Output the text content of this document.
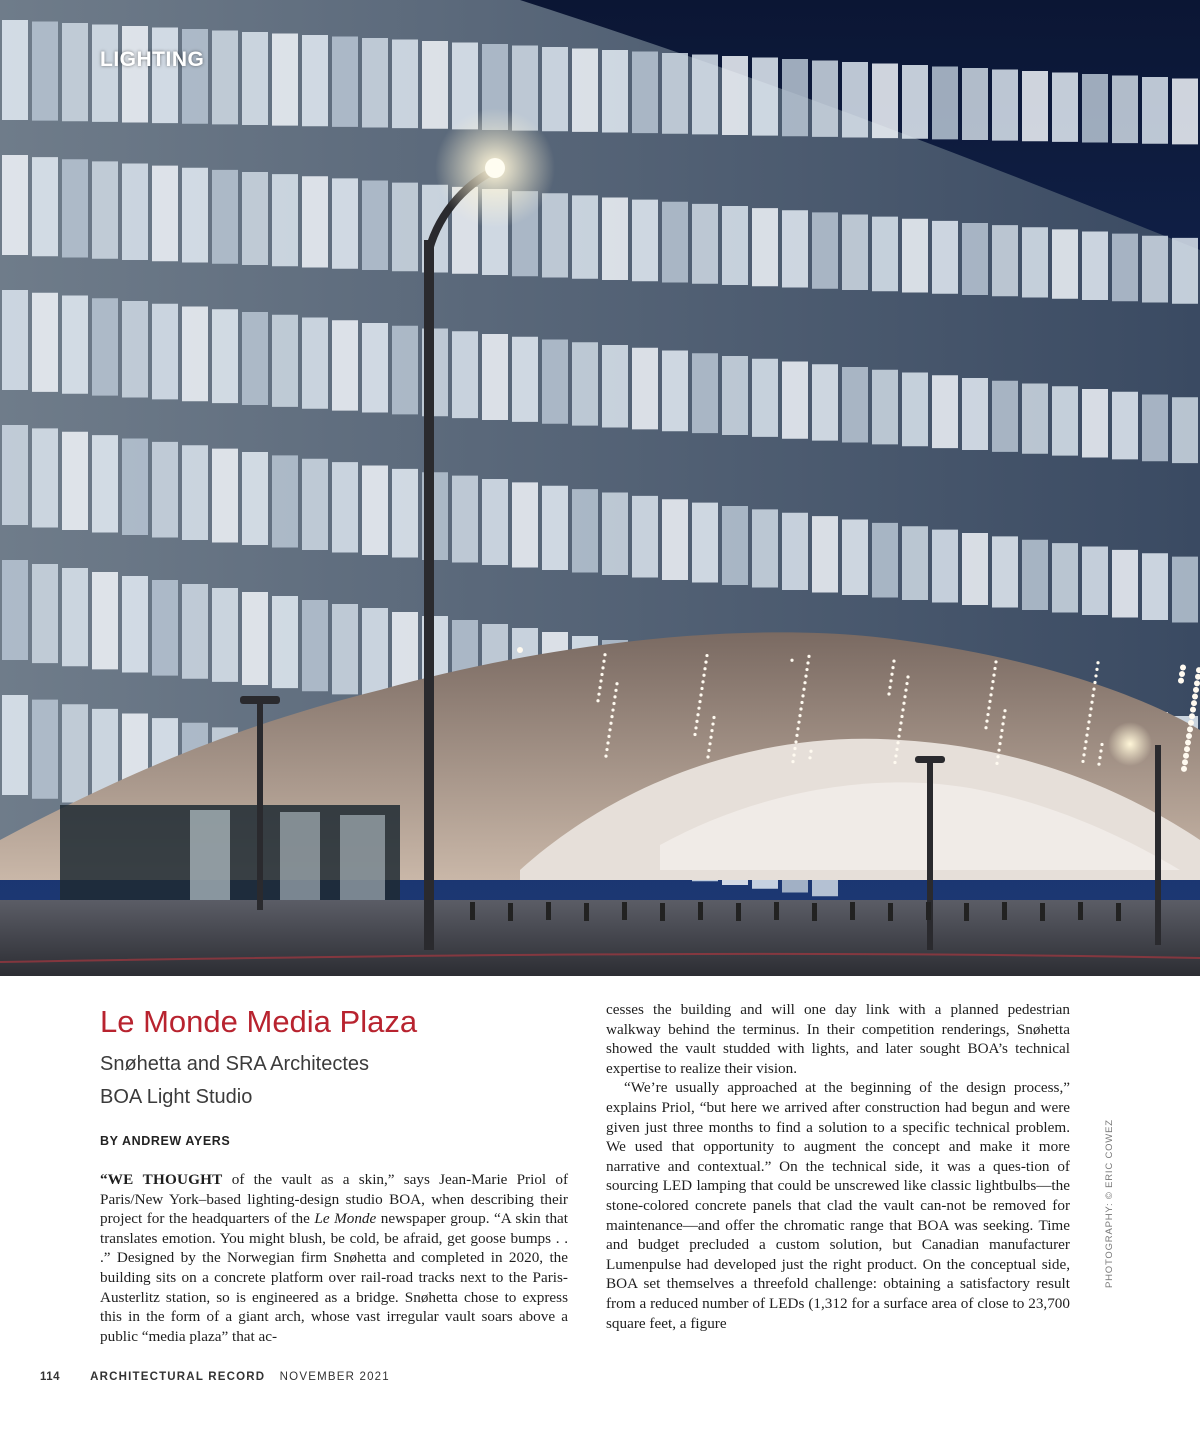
LIGHTING
Le Monde Media Plaza

Snøhetta and SRA Architectes

BOA Light Studio

BY ANDREW AYERS

“WE THOUGHT of the vault as a skin,” says Jean-Marie Priol of Paris/New York–based lighting-design studio BOA, when describing their project for the headquarters of the Le Monde newspaper group. “A skin that translates emotion. You might blush, be cold, be afraid, get goose bumps . . .” Designed by the Norwegian firm Snøhetta and completed in 2020, the building sits on a concrete platform over rail-road tracks next to the Paris-Austerlitz station, so is engineered as a bridge. Snøhetta chose to express this in the form of a giant arch, whose vast irregular vault soars above a public “media plaza” that ac-

cesses the building and will one day link with a planned pedestrian walkway behind the terminus. In their competition renderings, Snøhetta showed the vault studded with lights, and later sought BOA’s technical expertise to realize their vision.

“We’re usually approached at the beginning of the design process,” explains Priol, “but here we arrived after construction had begun and were given just three months to find a solution to a specific technical problem. We used that opportunity to augment the concept and make it more narrative and contextual.” On the technical side, it was a ques-tion of sourcing LED lamping that could be unscrewed like classic lightbulbs—the stone-colored concrete panels that clad the vault can-not be removed for maintenance—and offer the chromatic range that BOA was seeking. Time and budget precluded a custom solution, but Canadian manufacturer Lumenpulse had developed just the right product. On the conceptual side, BOA set themselves a threefold challenge: obtaining a satisfactory result from a reduced number of LEDs (1,312 for a surface area of close to 23,700 square feet, a figure

PHOTOGRAPHY: © ERIC COWEZ
114	ARCHITECTURAL RECORD NOVEMBER 2021
